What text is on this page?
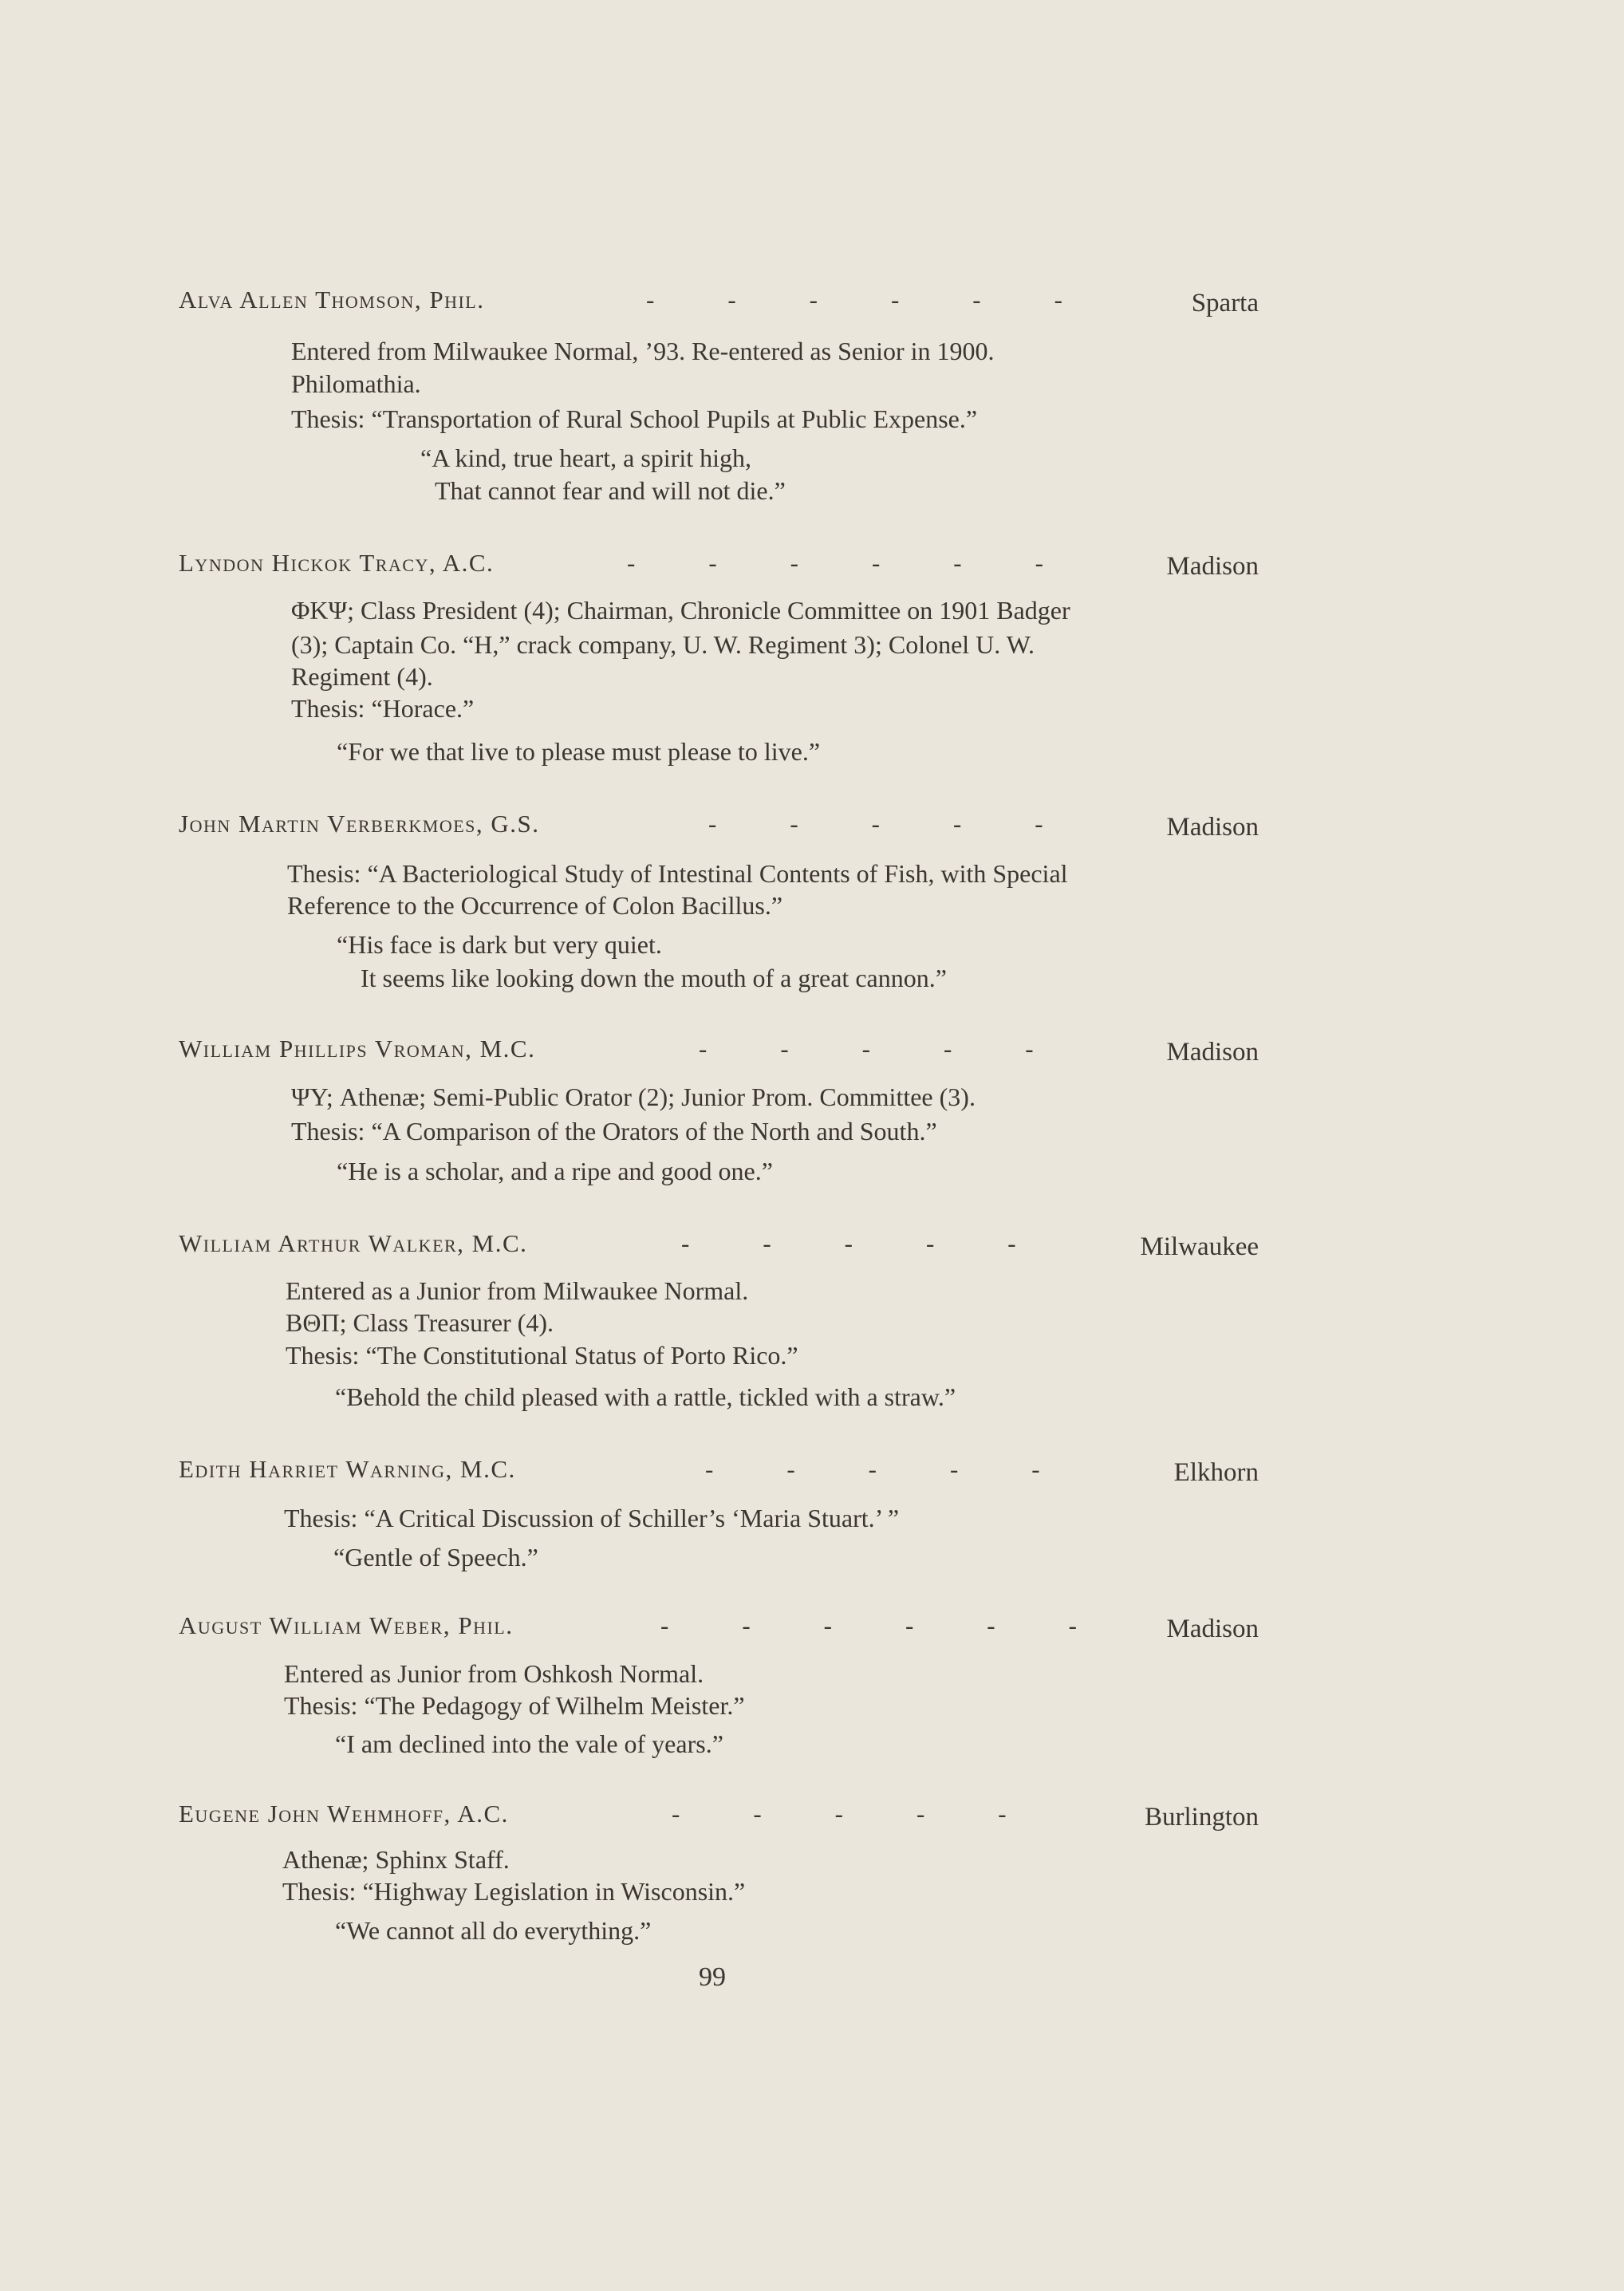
Alva Allen Thomson, Phil.	------ Sparta
Entered from Milwaukee Normal, ’93. Re-entered as Senior in 1900.
Philomathia.
Thesis: “Transportation of Rural School Pupils at Public Expense.”
“A kind, true heart, a spirit high,
That cannot fear and will not die.”
Lyndon Hickok Tracy, A.C.	------ Madison
ΦΚΨ; Class President (4); Chairman, Chronicle Committee on 1901 Badger
(3); Captain Co. “H,” crack company, U. W. Regiment 3); Colonel U. W.
Regiment (4).
Thesis: “Horace.”
“For we that live to please must please to live.”
John Martin Verberkmoes, G.S.	----- Madison
Thesis: “A Bacteriological Study of Intestinal Contents of Fish, with Special
Reference to the Occurrence of Colon Bacillus.”
“His face is dark but very quiet.
It seems like looking down the mouth of a great cannon.”
William Phillips Vroman, M.C.	----- Madison
ΨΥ; Athenæ; Semi-Public Orator (2); Junior Prom. Committee (3).
Thesis: “A Comparison of the Orators of the North and South.”
“He is a scholar, and a ripe and good one.”
William Arthur Walker, M.C.	----- Milwaukee
Entered as a Junior from Milwaukee Normal.
ΒΘΠ; Class Treasurer (4).
Thesis: “The Constitutional Status of Porto Rico.”
“Behold the child pleased with a rattle, tickled with a straw.”
Edith Harriet Warning, M.C.	----- Elkhorn
Thesis: “A Critical Discussion of Schiller’s ‘Maria Stuart.’ ”
“Gentle of Speech.”
August William Weber, Phil.	------ Madison
Entered as Junior from Oshkosh Normal.
Thesis: “The Pedagogy of Wilhelm Meister.”
“I am declined into the vale of years.”
Eugene John Wehmhoff, A.C.	----- Burlington
Athenæ; Sphinx Staff.
Thesis: “Highway Legislation in Wisconsin.”
“We cannot all do everything.”
99
